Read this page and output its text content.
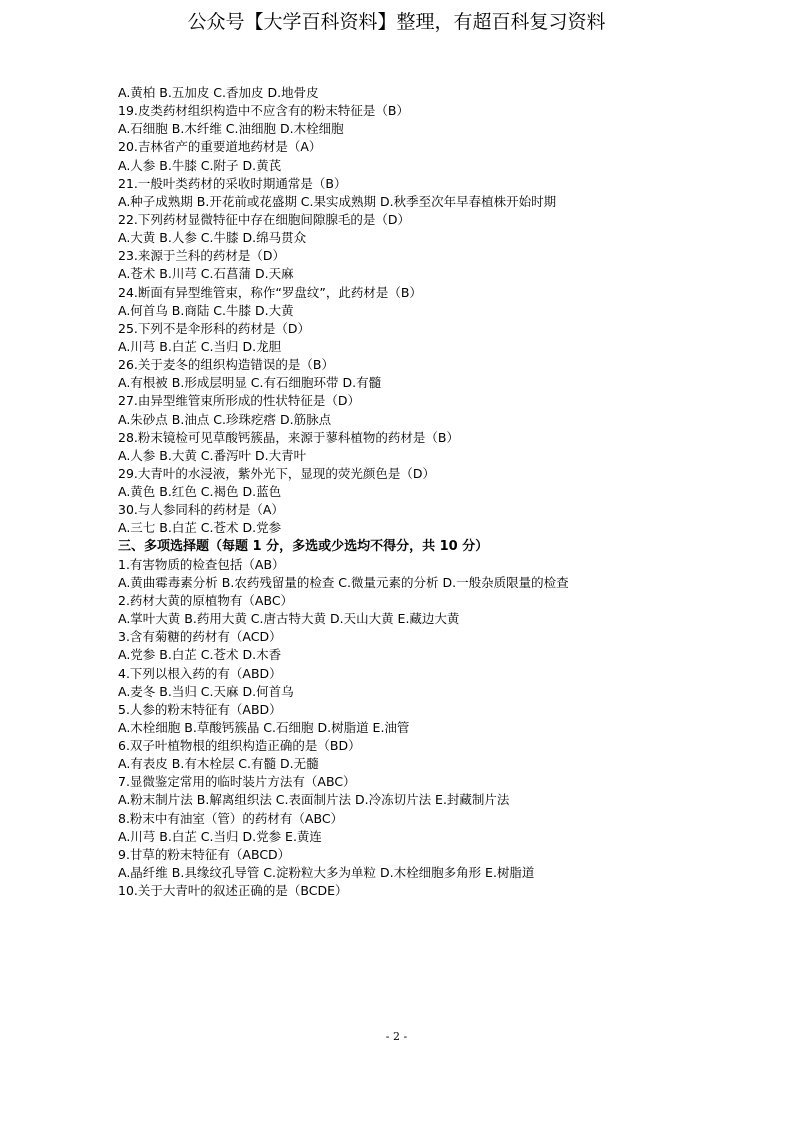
公众号【大学百科资料】整理，有超百科复习资料
A.黄柏 B.五加皮 C.香加皮 D.地骨皮
19.皮类药材组织构造中不应含有的粉末特征是（B）
A.石细胞 B.木纤维 C.油细胞 D.木栓细胞
20.吉林省产的重要道地药材是（A）
A.人参 B.牛膝 C.附子 D.黄芪
21.一般叶类药材的采收时期通常是（B）
A.种子成熟期 B.开花前或花盛期 C.果实成熟期 D.秋季至次年早春植株开始时期
22.下列药材显微特征中存在细胞间隙腺毛的是（D）
A.大黄 B.人参 C.牛膝 D.绵马贯众
23.来源于兰科的药材是（D）
A.苍术 B.川芎 C.石菖蒲 D.天麻
24.断面有异型维管束，称作“罗盘纹”，此药材是（B）
A.何首乌 B.商陆 C.牛膝 D.大黄
25.下列不是伞形科的药材是（D）
A.川芎 B.白芷 C.当归 D.龙胆
26.关于麦冬的组织构造错误的是（B）
A.有根被 B.形成层明显 C.有石细胞环带 D.有髓
27.由异型维管束所形成的性状特征是（D）
A.朱砂点 B.油点 C.珍珠疙瘩 D.筋脉点
28.粉末镜检可见草酸钙簇晶，来源于蓼科植物的药材是（B）
A.人参 B.大黄 C.番泻叶 D.大青叶
29.大青叶的水浸液，紫外光下，显现的荧光颜色是（D）
A.黄色 B.红色 C.褐色 D.蓝色
30.与人参同科的药材是（A）
A.三七 B.白芷 C.苍术 D.党参
三、多项选择题（每题 1 分，多选或少选均不得分，共 10 分）
1.有害物质的检查包括（AB）
A.黄曲霉毒素分析 B.农药残留量的检查 C.微量元素的分析 D.一般杂质限量的检查
2.药材大黄的原植物有（ABC）
A.掌叶大黄 B.药用大黄 C.唐古特大黄 D.天山大黄 E.藏边大黄
3.含有菊糖的药材有（ACD）
A.党参 B.白芷 C.苍术 D.木香
4.下列以根入药的有（ABD）
A.麦冬 B.当归 C.天麻 D.何首乌
5.人参的粉末特征有（ABD）
A.木栓细胞 B.草酸钙簇晶 C.石细胞 D.树脂道 E.油管
6.双子叶植物根的组织构造正确的是（BD）
A.有表皮 B.有木栓层 C.有髓 D.无髓
7.显微鉴定常用的临时装片方法有（ABC）
A.粉末制片法 B.解离组织法 C.表面制片法 D.冷冻切片法 E.封藏制片法
8.粉末中有油室（管）的药材有（ABC）
A.川芎 B.白芷 C.当归 D.党参 E.黄连
9.甘草的粉末特征有（ABCD）
A.晶纤维 B.具缘纹孔导管 C.淀粉粒大多为单粒 D.木栓细胞多角形 E.树脂道
10.关于大青叶的叙述正确的是（BCDE）
- 2 -
